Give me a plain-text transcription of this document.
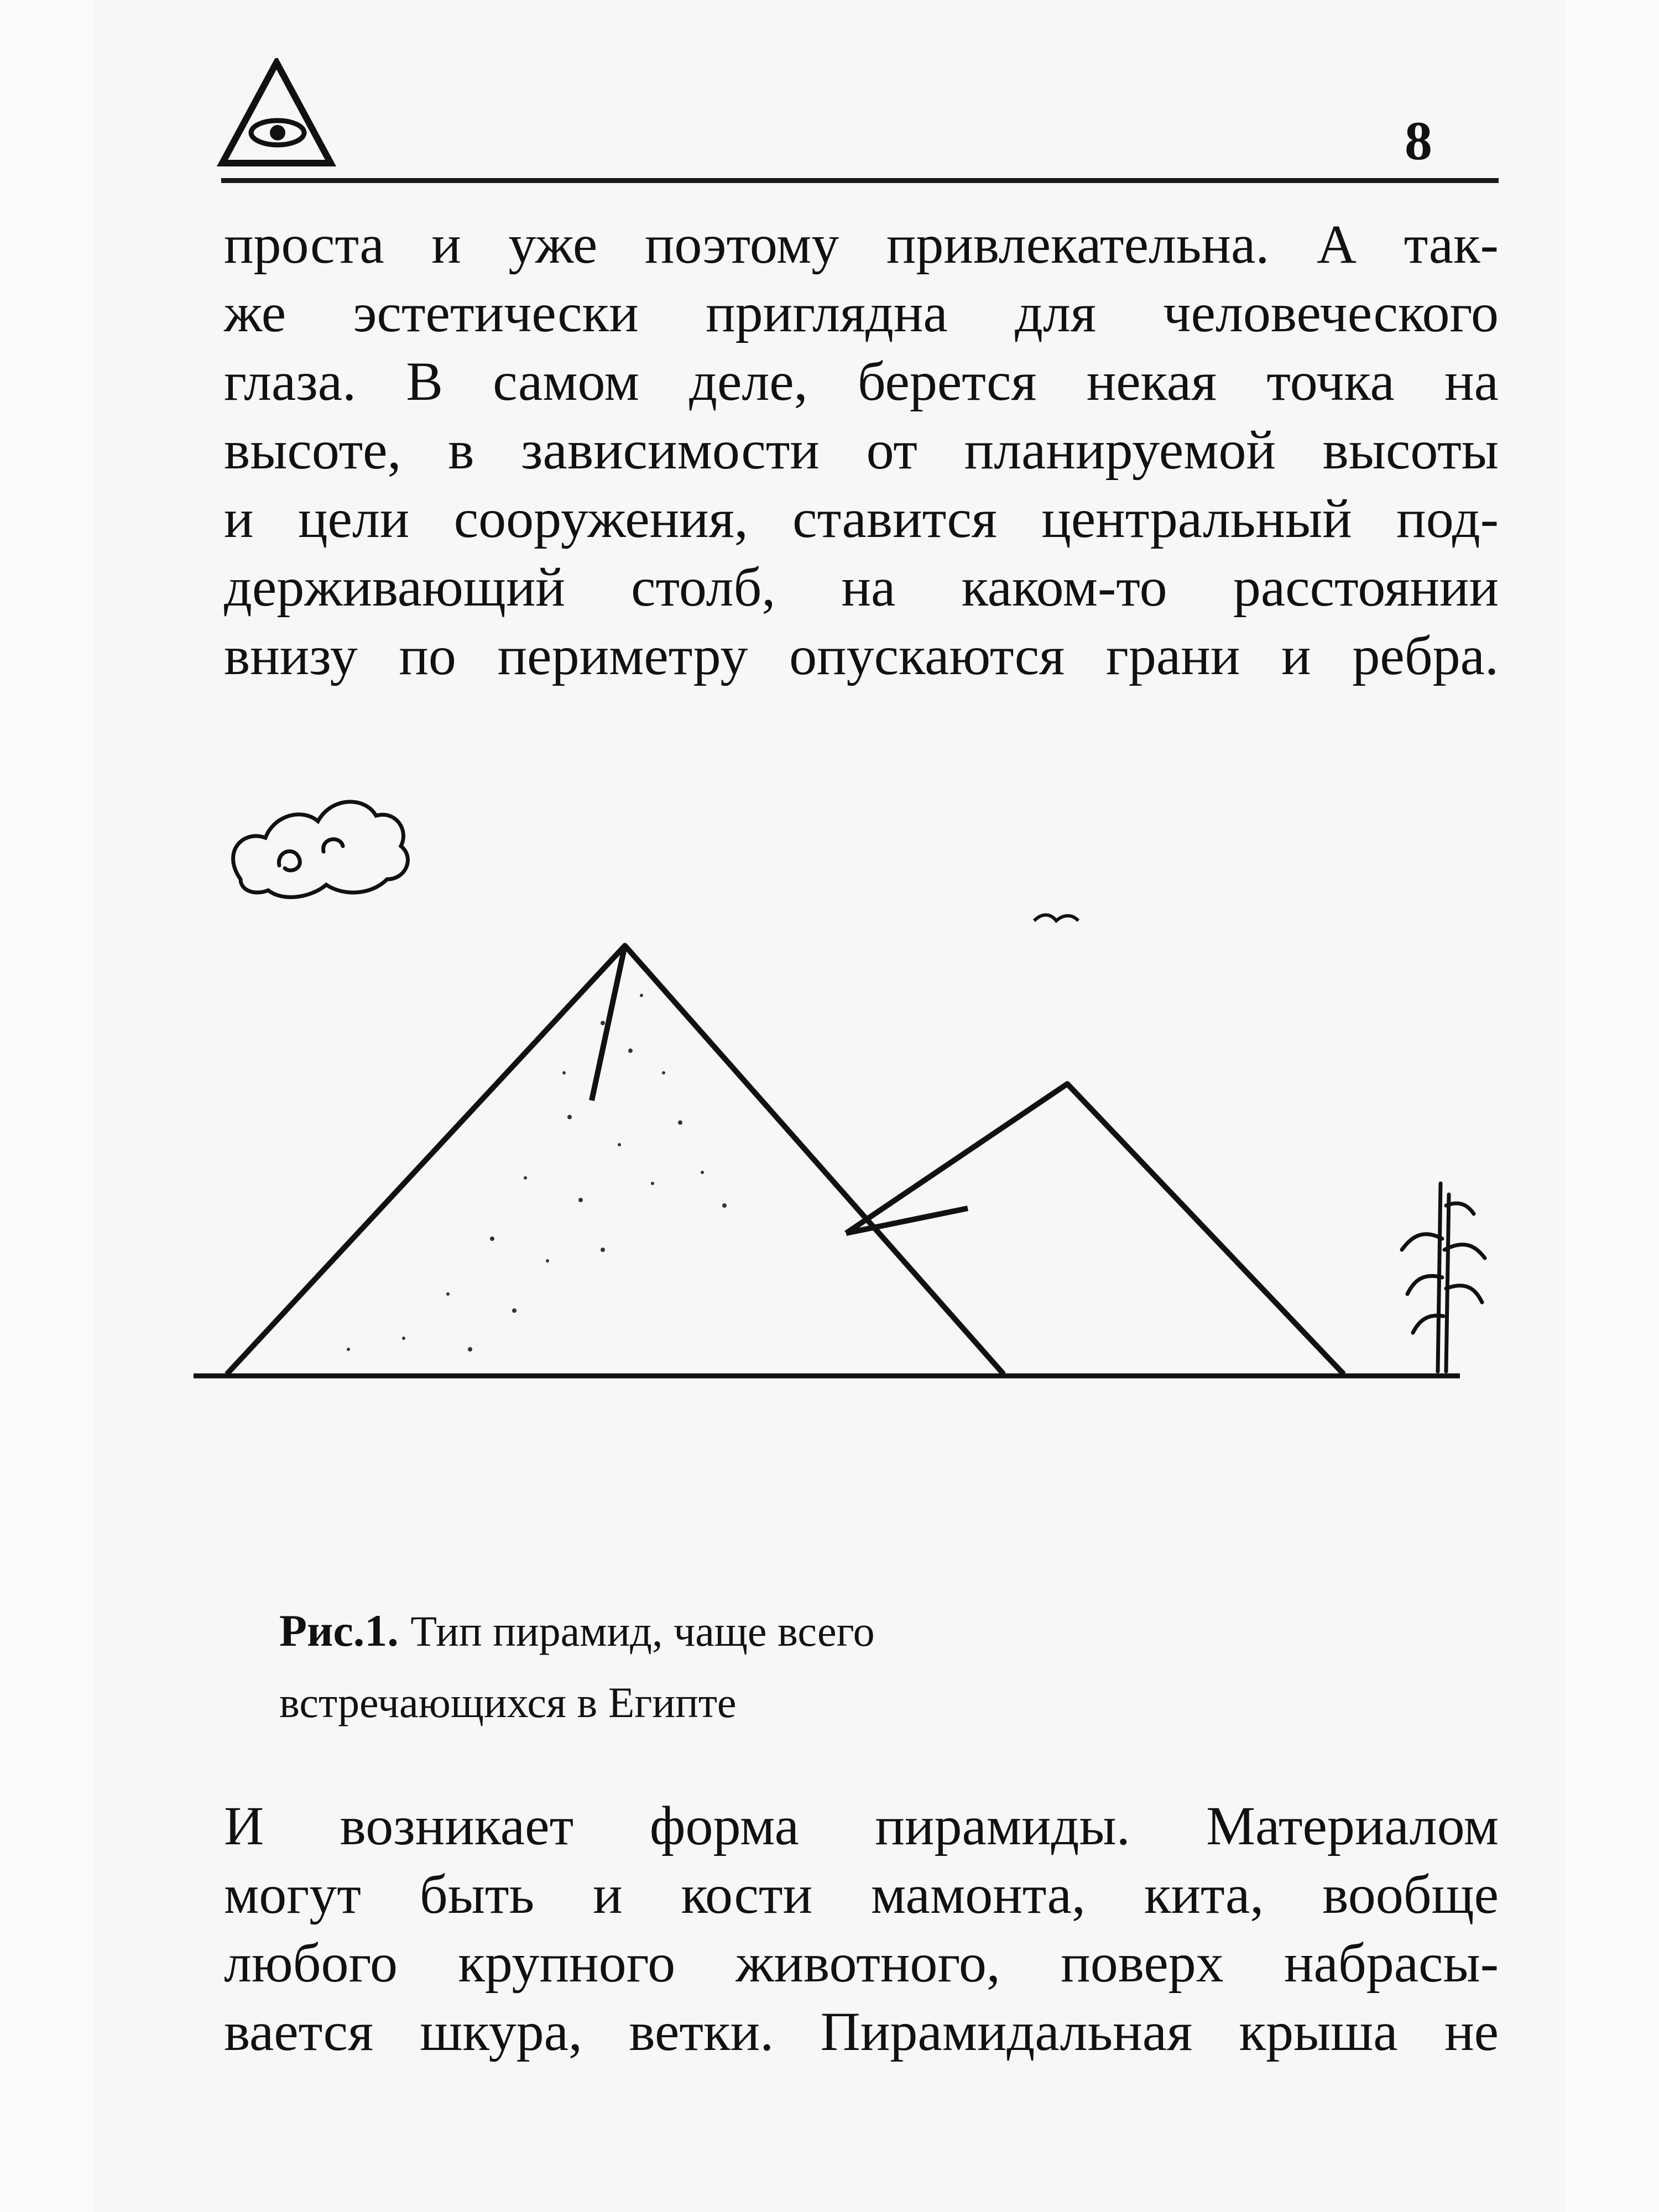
8
проста и уже поэтому привлекательна. А так-
же эстетически приглядна для человеческого
глаза. В самом деле, берется некая точка на
высоте, в зависимости от планируемой высоты
и цели сооружения, ставится центральный под-
держивающий столб, на каком-то расстоянии
внизу по периметру опускаются грани и ребра.
Рис.1. Тип пирамид, чаще всего
встречающихся в Египте
И возникает форма пирамиды. Материалом
могут быть и кости мамонта, кита, вообще
любого крупного животного, поверх набрасы-
вается шкура, ветки. Пирамидальная крыша не
